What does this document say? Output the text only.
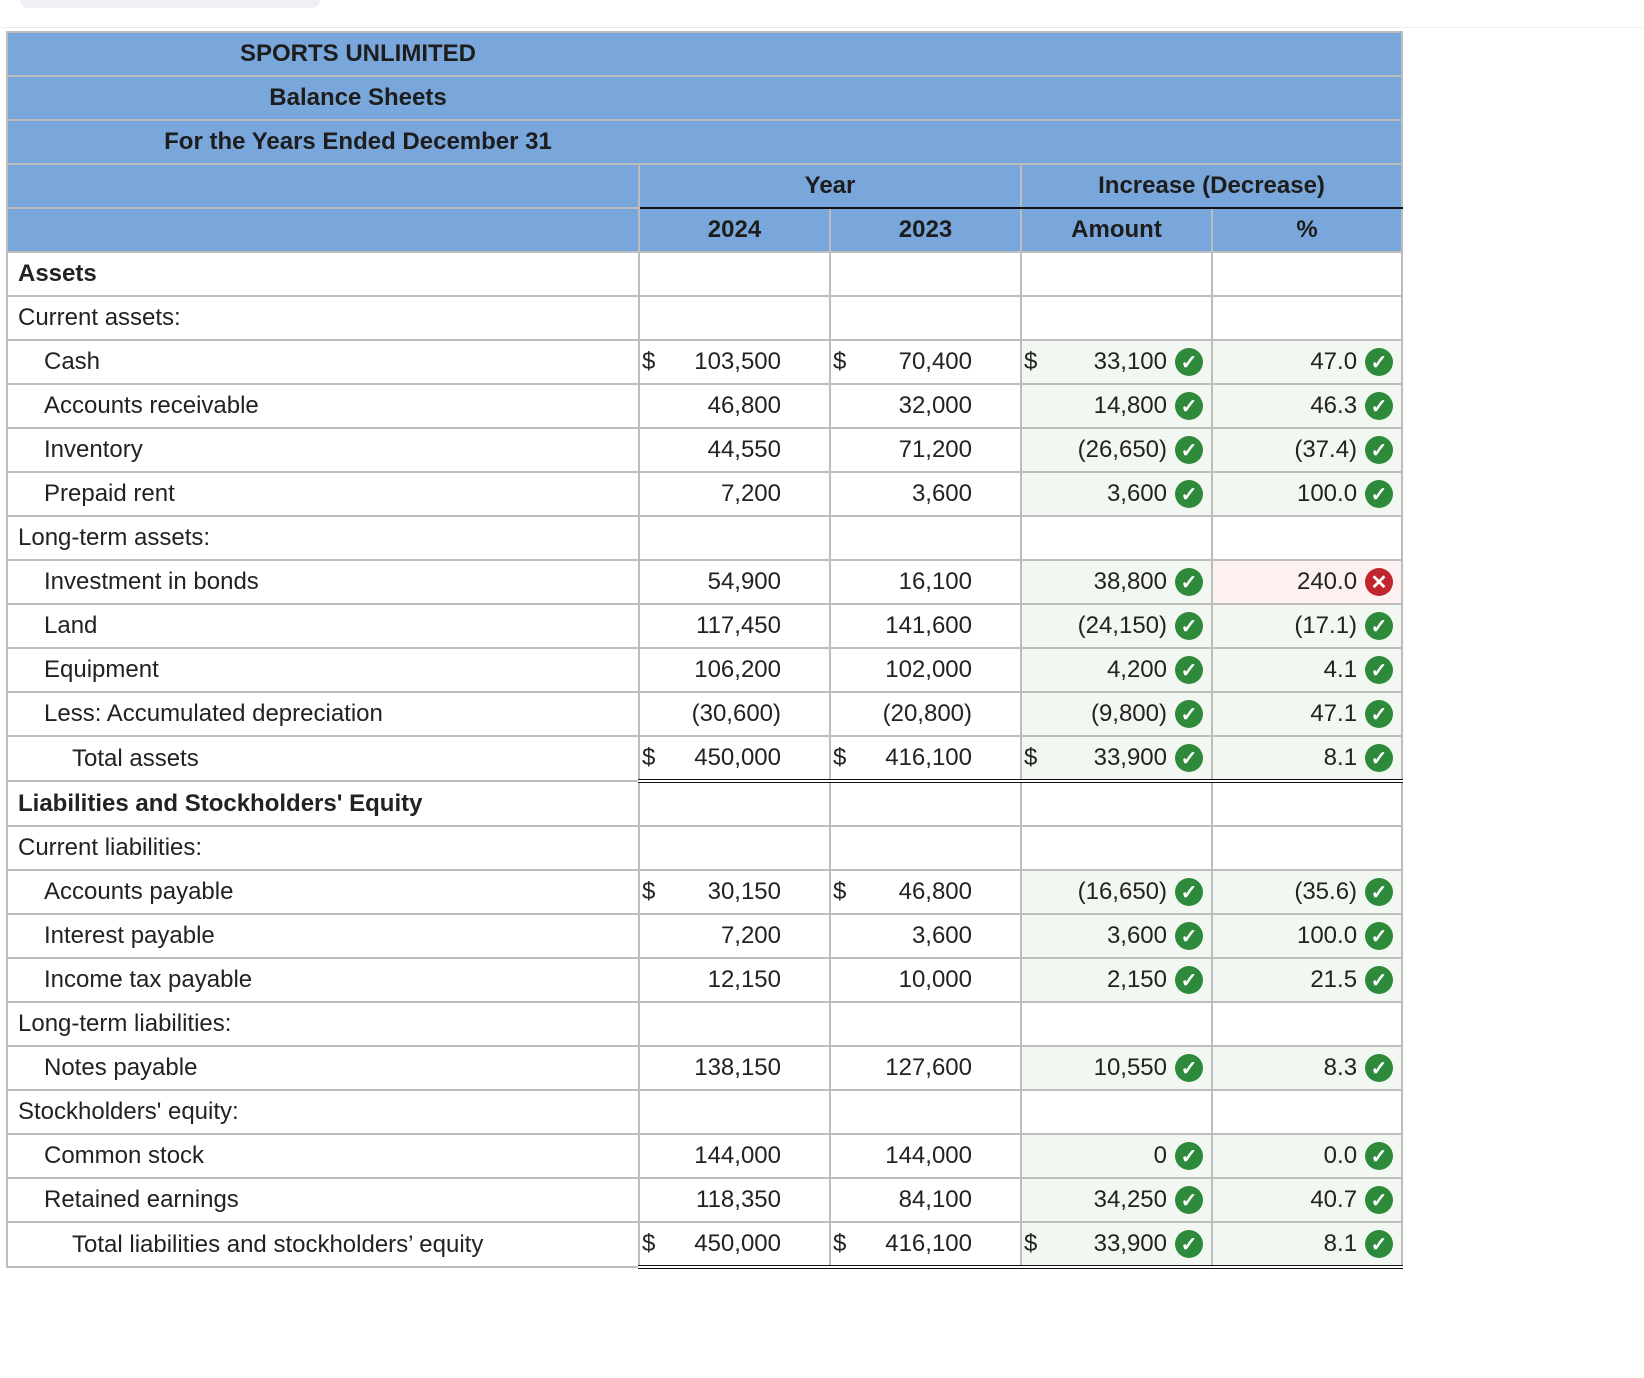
SPORTS UNLIMITED				
Balance Sheets				
For the Years Ended December 31				
	Year		Increase (Decrease)	
	2024	2023	Amount	%
Assets				
Current assets:				
Cash	$ 103,500	$ 70,400	$ 33,100 ✓	47.0 ✓

Accounts receivable	46,800	32,000	14,800 ✓	46.3 ✓

Inventory	44,550	71,200	(26,650) ✓	(37.4) ✓

Prepaid rent	7,200	3,600	3,600 ✓	100.0 ✓

Long-term assets:				
Investment in bonds	54,900	16,100	38,800 ✓	240.0 ✕

Land	117,450	141,600	(24,150) ✓	(17.1) ✓

Equipment	106,200	102,000	4,200 ✓	4.1 ✓

Less: Accumulated depreciation	(30,600)	(20,800)	(9,800) ✓	47.1 ✓

Total assets	$ 450,000	$ 416,100	$ 33,900 ✓	8.1 ✓

Liabilities and Stockholders' Equity				
Current liabilities:				
Accounts payable	$ 30,150	$ 46,800	(16,650) ✓	(35.6) ✓

Interest payable	7,200	3,600	3,600 ✓	100.0 ✓

Income tax payable	12,150	10,000	2,150 ✓	21.5 ✓

Long-term liabilities:				
Notes payable	138,150	127,600	10,550 ✓	8.3 ✓

Stockholders' equity:				
Common stock	144,000	144,000	0 ✓	0.0 ✓

Retained earnings	118,350	84,100	34,250 ✓	40.7 ✓

Total liabilities and stockholders’ equity	$ 450,000	$ 416,100	$ 33,900 ✓	8.1 ✓
